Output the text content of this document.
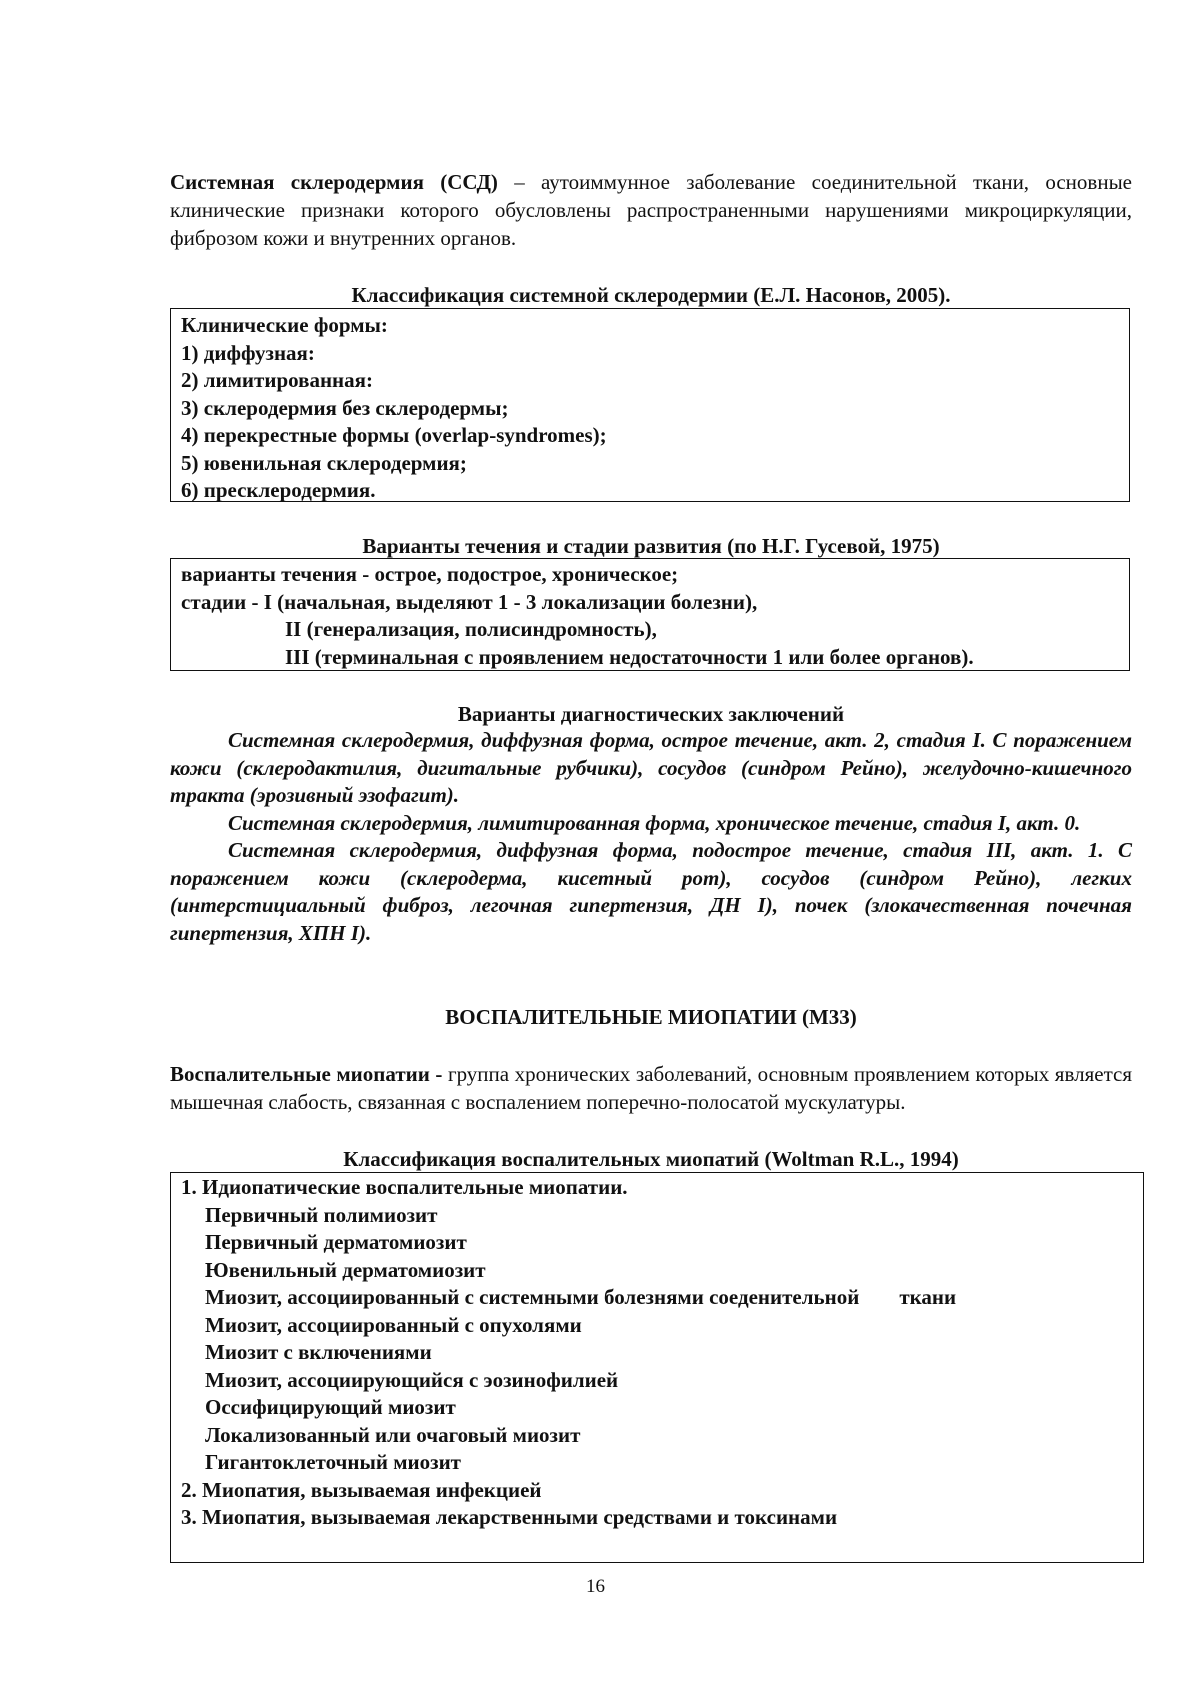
Системная склеродермия (ССД) – аутоиммунное заболевание соединительной ткани, основные клинические признаки которого обусловлены распространенными нарушениями микроциркуляции, фиброзом кожи и внутренних органов.
Классификация системной склеродермии (Е.Л. Насонов, 2005).
Клинические формы:
1) диффузная:
2) лимитированная:
3) склеродермия без склеродермы;
4) перекрестные формы (overlap-syndromes);
5) ювенильная склеродермия;
6) пресклеродермия.
Варианты течения и стадии развития (по Н.Г. Гусевой, 1975)
варианты течения - острое, подострое, хроническое;
стадии - I (начальная, выделяют 1 - 3 локализации болезни),
II (генерализация, полисиндромность),
III (терминальная с проявлением недостаточности 1 или более органов).
Варианты диагностических заключений

Системная склеродермия, диффузная форма, острое течение, акт. 2, стадия I. С поражением кожи (склеродактилия, дигитальные рубчики), сосудов (синдром Рейно), желудочно-кишечного тракта (эрозивный эзофагит).

Системная склеродермия, лимитированная форма, хроническое течение, стадия I, акт. 0.

Системная склеродермия, диффузная форма, подострое течение, стадия III, акт. 1. С поражением кожи (склеродерма, кисетный рот), сосудов (синдром Рейно), легких (интерстициальный фиброз, легочная гипертензия, ДН I), почек (злокачественная почечная гипертензия, ХПН I).

ВОСПАЛИТЕЛЬНЫЕ МИОПАТИИ (М33)
Воспалительные миопатии - группа хронических заболеваний, основным проявлением которых является мышечная слабость, связанная с воспалением поперечно-полосатой мускулатуры.
Классификация воспалительных миопатий (Woltman R.L., 1994)
1. Идиопатические воспалительные миопатии.
Первичный полимиозит
Первичный дерматомиозит
Ювенильный дерматомиозит
Миозит, ассоциированный с системными болезнями соеденительной ткани
Миозит, ассоциированный с опухолями
Миозит с включениями
Миозит, ассоциирующийся с эозинофилией
Оссифицирующий миозит
Локализованный или очаговый миозит
Гигантоклеточный миозит
2. Миопатия, вызываемая инфекцией
3. Миопатия, вызываемая лекарственными средствами и токсинами
16
